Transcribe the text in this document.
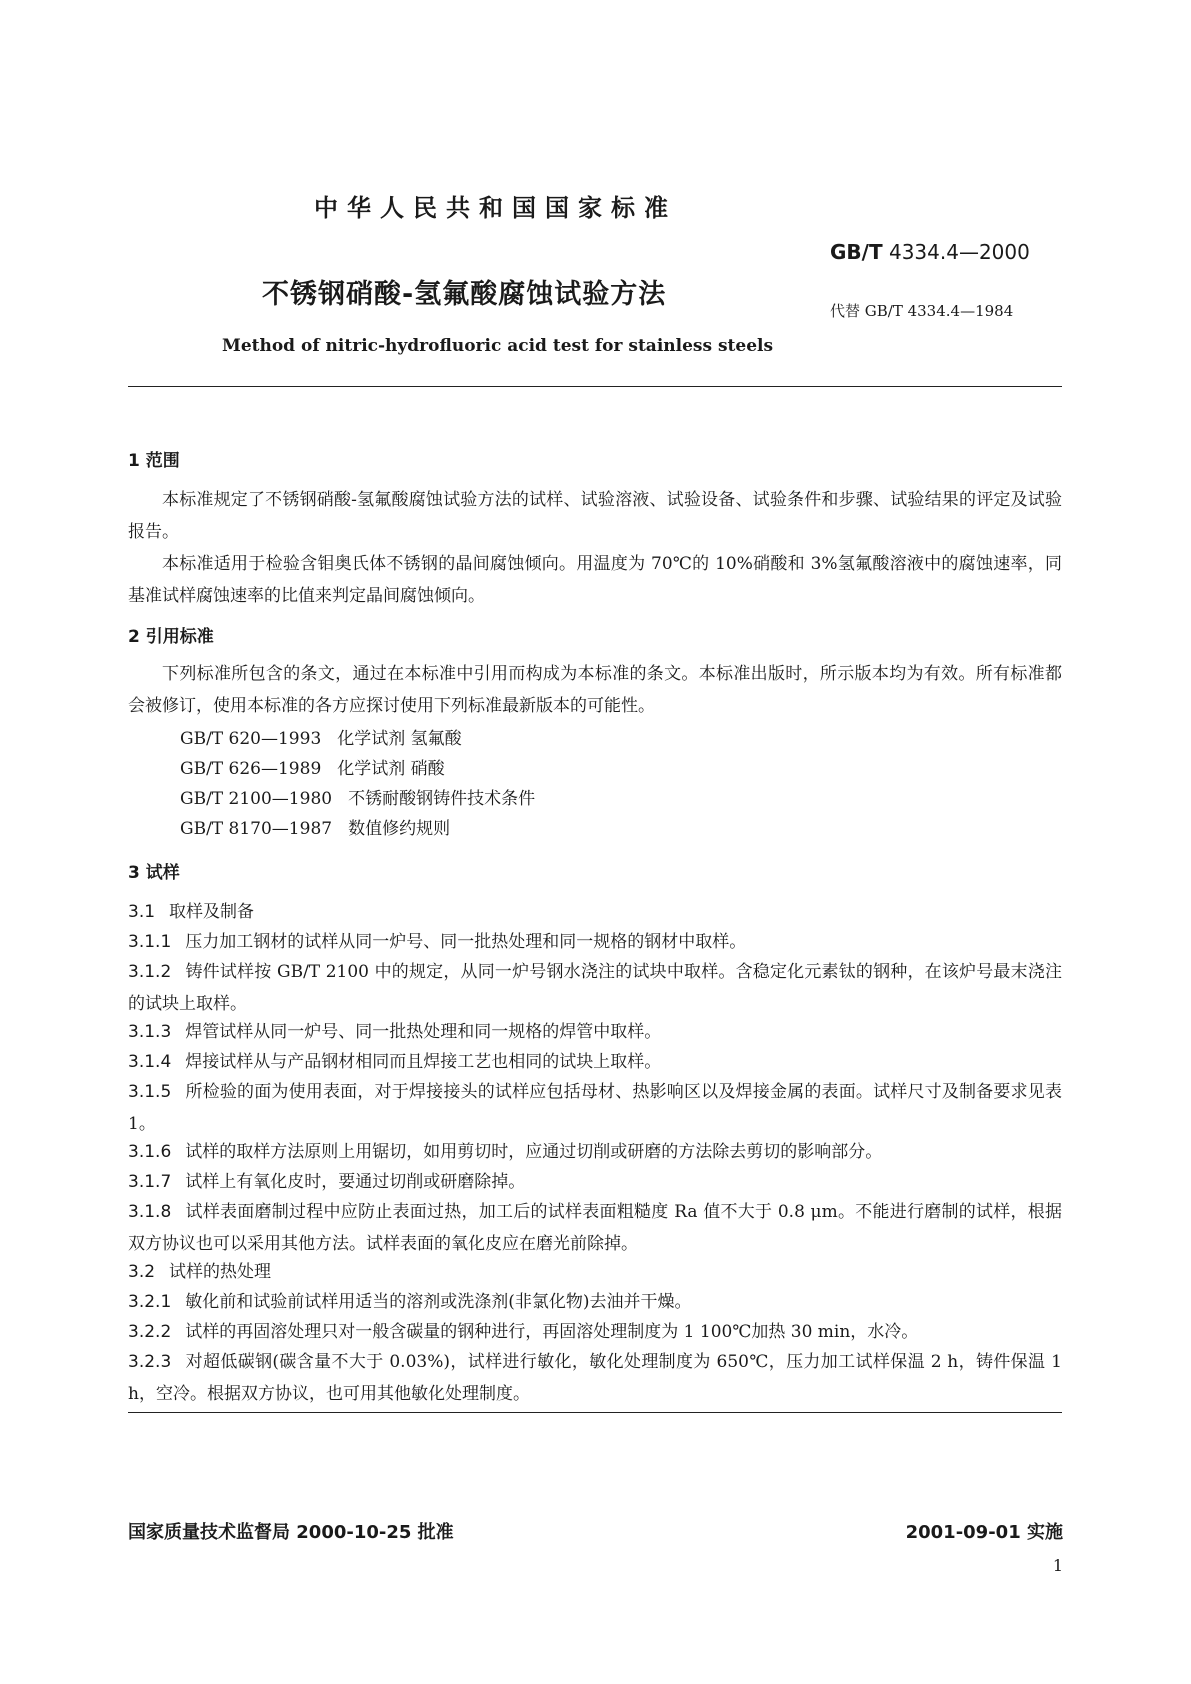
中华人民共和国国家标准
GB/T 4334.4—2000
不锈钢硝酸-氢氟酸腐蚀试验方法
代替 GB/T 4334.4—1984
Method of nitric-hydrofluoric acid test for stainless steels
1 范围

本标准规定了不锈钢硝酸-氢氟酸腐蚀试验方法的试样、试验溶液、试验设备、试验条件和步骤、试验结果的评定及试验报告。

本标准适用于检验含钼奥氏体不锈钢的晶间腐蚀倾向。用温度为 70℃的 10%硝酸和 3%氢氟酸溶液中的腐蚀速率，同基准试样腐蚀速率的比值来判定晶间腐蚀倾向。

2 引用标准

下列标准所包含的条文，通过在本标准中引用而构成为本标准的条文。本标准出版时，所示版本均为有效。所有标准都会被修订，使用本标准的各方应探讨使用下列标准最新版本的可能性。

GB/T 620—1993 化学试剂 氢氟酸
GB/T 626—1989 化学试剂 硝酸
GB/T 2100—1980 不锈耐酸钢铸件技术条件
GB/T 8170—1987 数值修约规则
3 试样
3.1 取样及制备
3.1.1 压力加工钢材的试样从同一炉号、同一批热处理和同一规格的钢材中取样。
3.1.2 铸件试样按 GB/T 2100 中的规定，从同一炉号钢水浇注的试块中取样。含稳定化元素钛的钢种，在该炉号最末浇注的试块上取样。
3.1.3 焊管试样从同一炉号、同一批热处理和同一规格的焊管中取样。
3.1.4 焊接试样从与产品钢材相同而且焊接工艺也相同的试块上取样。
3.1.5 所检验的面为使用表面，对于焊接接头的试样应包括母材、热影响区以及焊接金属的表面。试样尺寸及制备要求见表 1。
3.1.6 试样的取样方法原则上用锯切，如用剪切时，应通过切削或研磨的方法除去剪切的影响部分。
3.1.7 试样上有氧化皮时，要通过切削或研磨除掉。
3.1.8 试样表面磨制过程中应防止表面过热，加工后的试样表面粗糙度 Ra 值不大于 0.8 μm。不能进行磨制的试样，根据双方协议也可以采用其他方法。试样表面的氧化皮应在磨光前除掉。
3.2 试样的热处理
3.2.1 敏化前和试验前试样用适当的溶剂或洗涤剂(非氯化物)去油并干燥。
3.2.2 试样的再固溶处理只对一般含碳量的钢种进行，再固溶处理制度为 1 100℃加热 30 min，水冷。
3.2.3 对超低碳钢(碳含量不大于 0.03%)，试样进行敏化，敏化处理制度为 650℃，压力加工试样保温 2 h，铸件保温 1 h，空冷。根据双方协议，也可用其他敏化处理制度。
国家质量技术监督局 2000-10-25 批准	2001-09-01 实施
1
